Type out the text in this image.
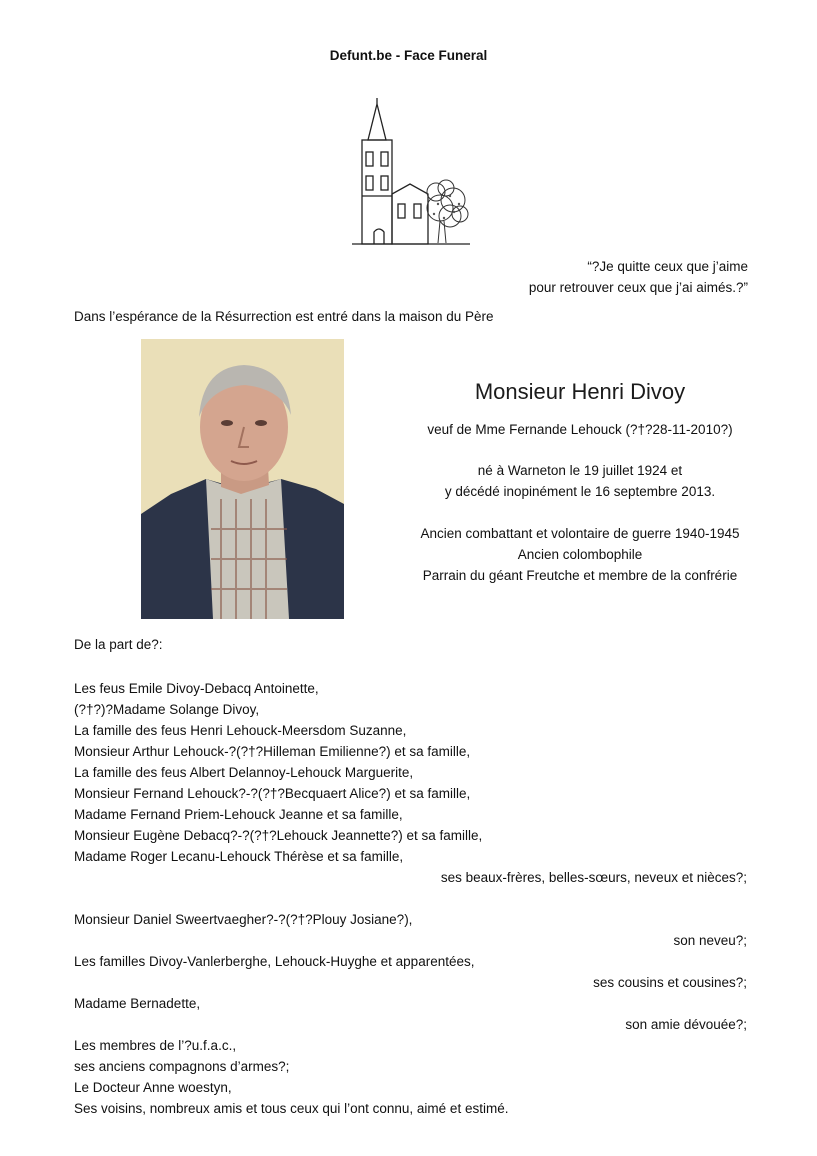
Defunt.be - Face Funeral
“?Je quitte ceux que j’aime
pour retrouver ceux que j’ai aimés.?”
Dans l’espérance de la Résurrection est entré dans la maison du Père
Monsieur Henri Divoy
veuf de Mme Fernande Lehouck (?†?28-11-2010?)
né à Warneton le 19 juillet 1924 et
y décédé inopinément le 16 septembre 2013.
Ancien combattant et volontaire de guerre 1940-1945
Ancien colombophile
Parrain du géant Freutche et membre de la confrérie
De la part de?:
Les feus Emile Divoy-Debacq Antoinette,
(?†?)?Madame Solange Divoy,
La famille des feus Henri Lehouck-Meersdom Suzanne,
Monsieur Arthur Lehouck-?(?†?Hilleman Emilienne?) et sa famille,
La famille des feus Albert Delannoy-Lehouck Marguerite,
Monsieur Fernand Lehouck?-?(?†?Becquaert Alice?) et sa famille,
Madame Fernand Priem-Lehouck Jeanne et sa famille,
Monsieur Eugène Debacq?-?(?†?Lehouck Jeannette?) et sa famille,
Madame Roger Lecanu-Lehouck Thérèse et sa famille,
ses beaux-frères, belles-sœurs, neveux et nièces?;
Monsieur Daniel Sweertvaegher?-?(?†?Plouy Josiane?),
son neveu?;
Les familles Divoy-Vanlerberghe, Lehouck-Huyghe et apparentées,
ses cousins et cousines?;
Madame Bernadette,
son amie dévouée?;
Les membres de l’?u.f.a.c.,
ses anciens compagnons d’armes?;
Le Docteur Anne woestyn,
Ses voisins, nombreux amis et tous ceux qui l’ont connu, aimé et estimé.
